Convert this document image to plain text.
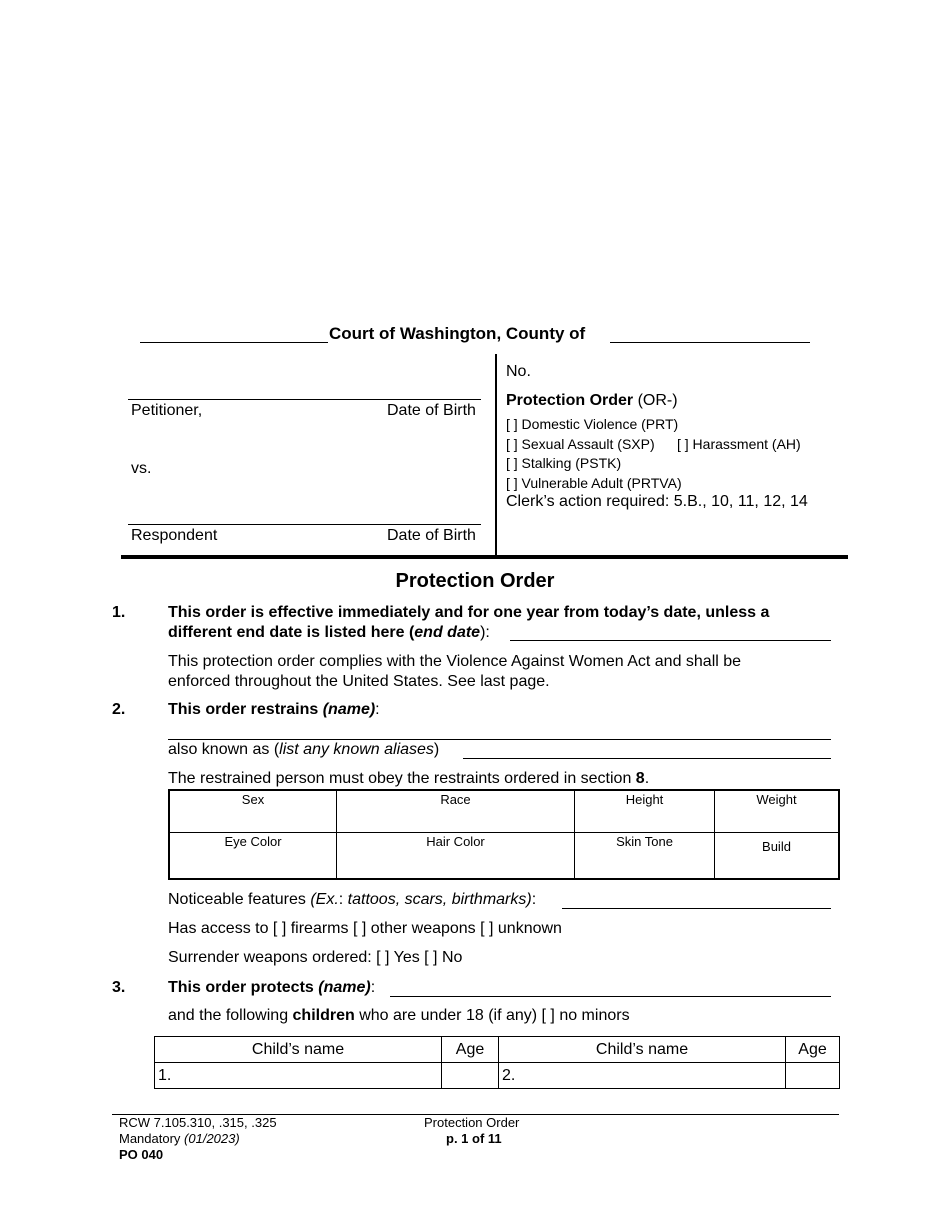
Court of Washington, County of
Petitioner,	Date of Birth
vs.
Respondent	Date of Birth
No.
Protection Order (OR-)
[ ] Domestic Violence (PRT)
[ ] Sexual Assault (SXP) [ ] Harassment (AH)
[ ] Stalking (PSTK)
[ ] Vulnerable Adult (PRTVA)
Clerk’s action required: 5.B., 10, 11, 12, 14
Protection Order
1.	This order is effective immediately and for one year from today’s date, unless a
different end date is listed here (end date):
This protection order complies with the Violence Against Women Act and shall be
enforced throughout the United States. See last page.
2.	This order restrains (name):
also known as (list any known aliases)
The restrained person must obey the restraints ordered in section 8.
Sex	Race	Height	Weight
Eye Color	Hair Color	Skin Tone	Build
Noticeable features (Ex.: tattoos, scars, birthmarks):
Has access to [ ] firearms [ ] other weapons [ ] unknown
Surrender weapons ordered: [ ] Yes [ ] No
3.	This order protects (name):
and the following children who are under 18 (if any) [ ] no minors
Child’s name	Age	Child’s name	Age
1.		2.	
RCW 7.105.310, .315, .325
Mandatory (01/2023)
PO 040
Protection Order
p. 1 of 11
